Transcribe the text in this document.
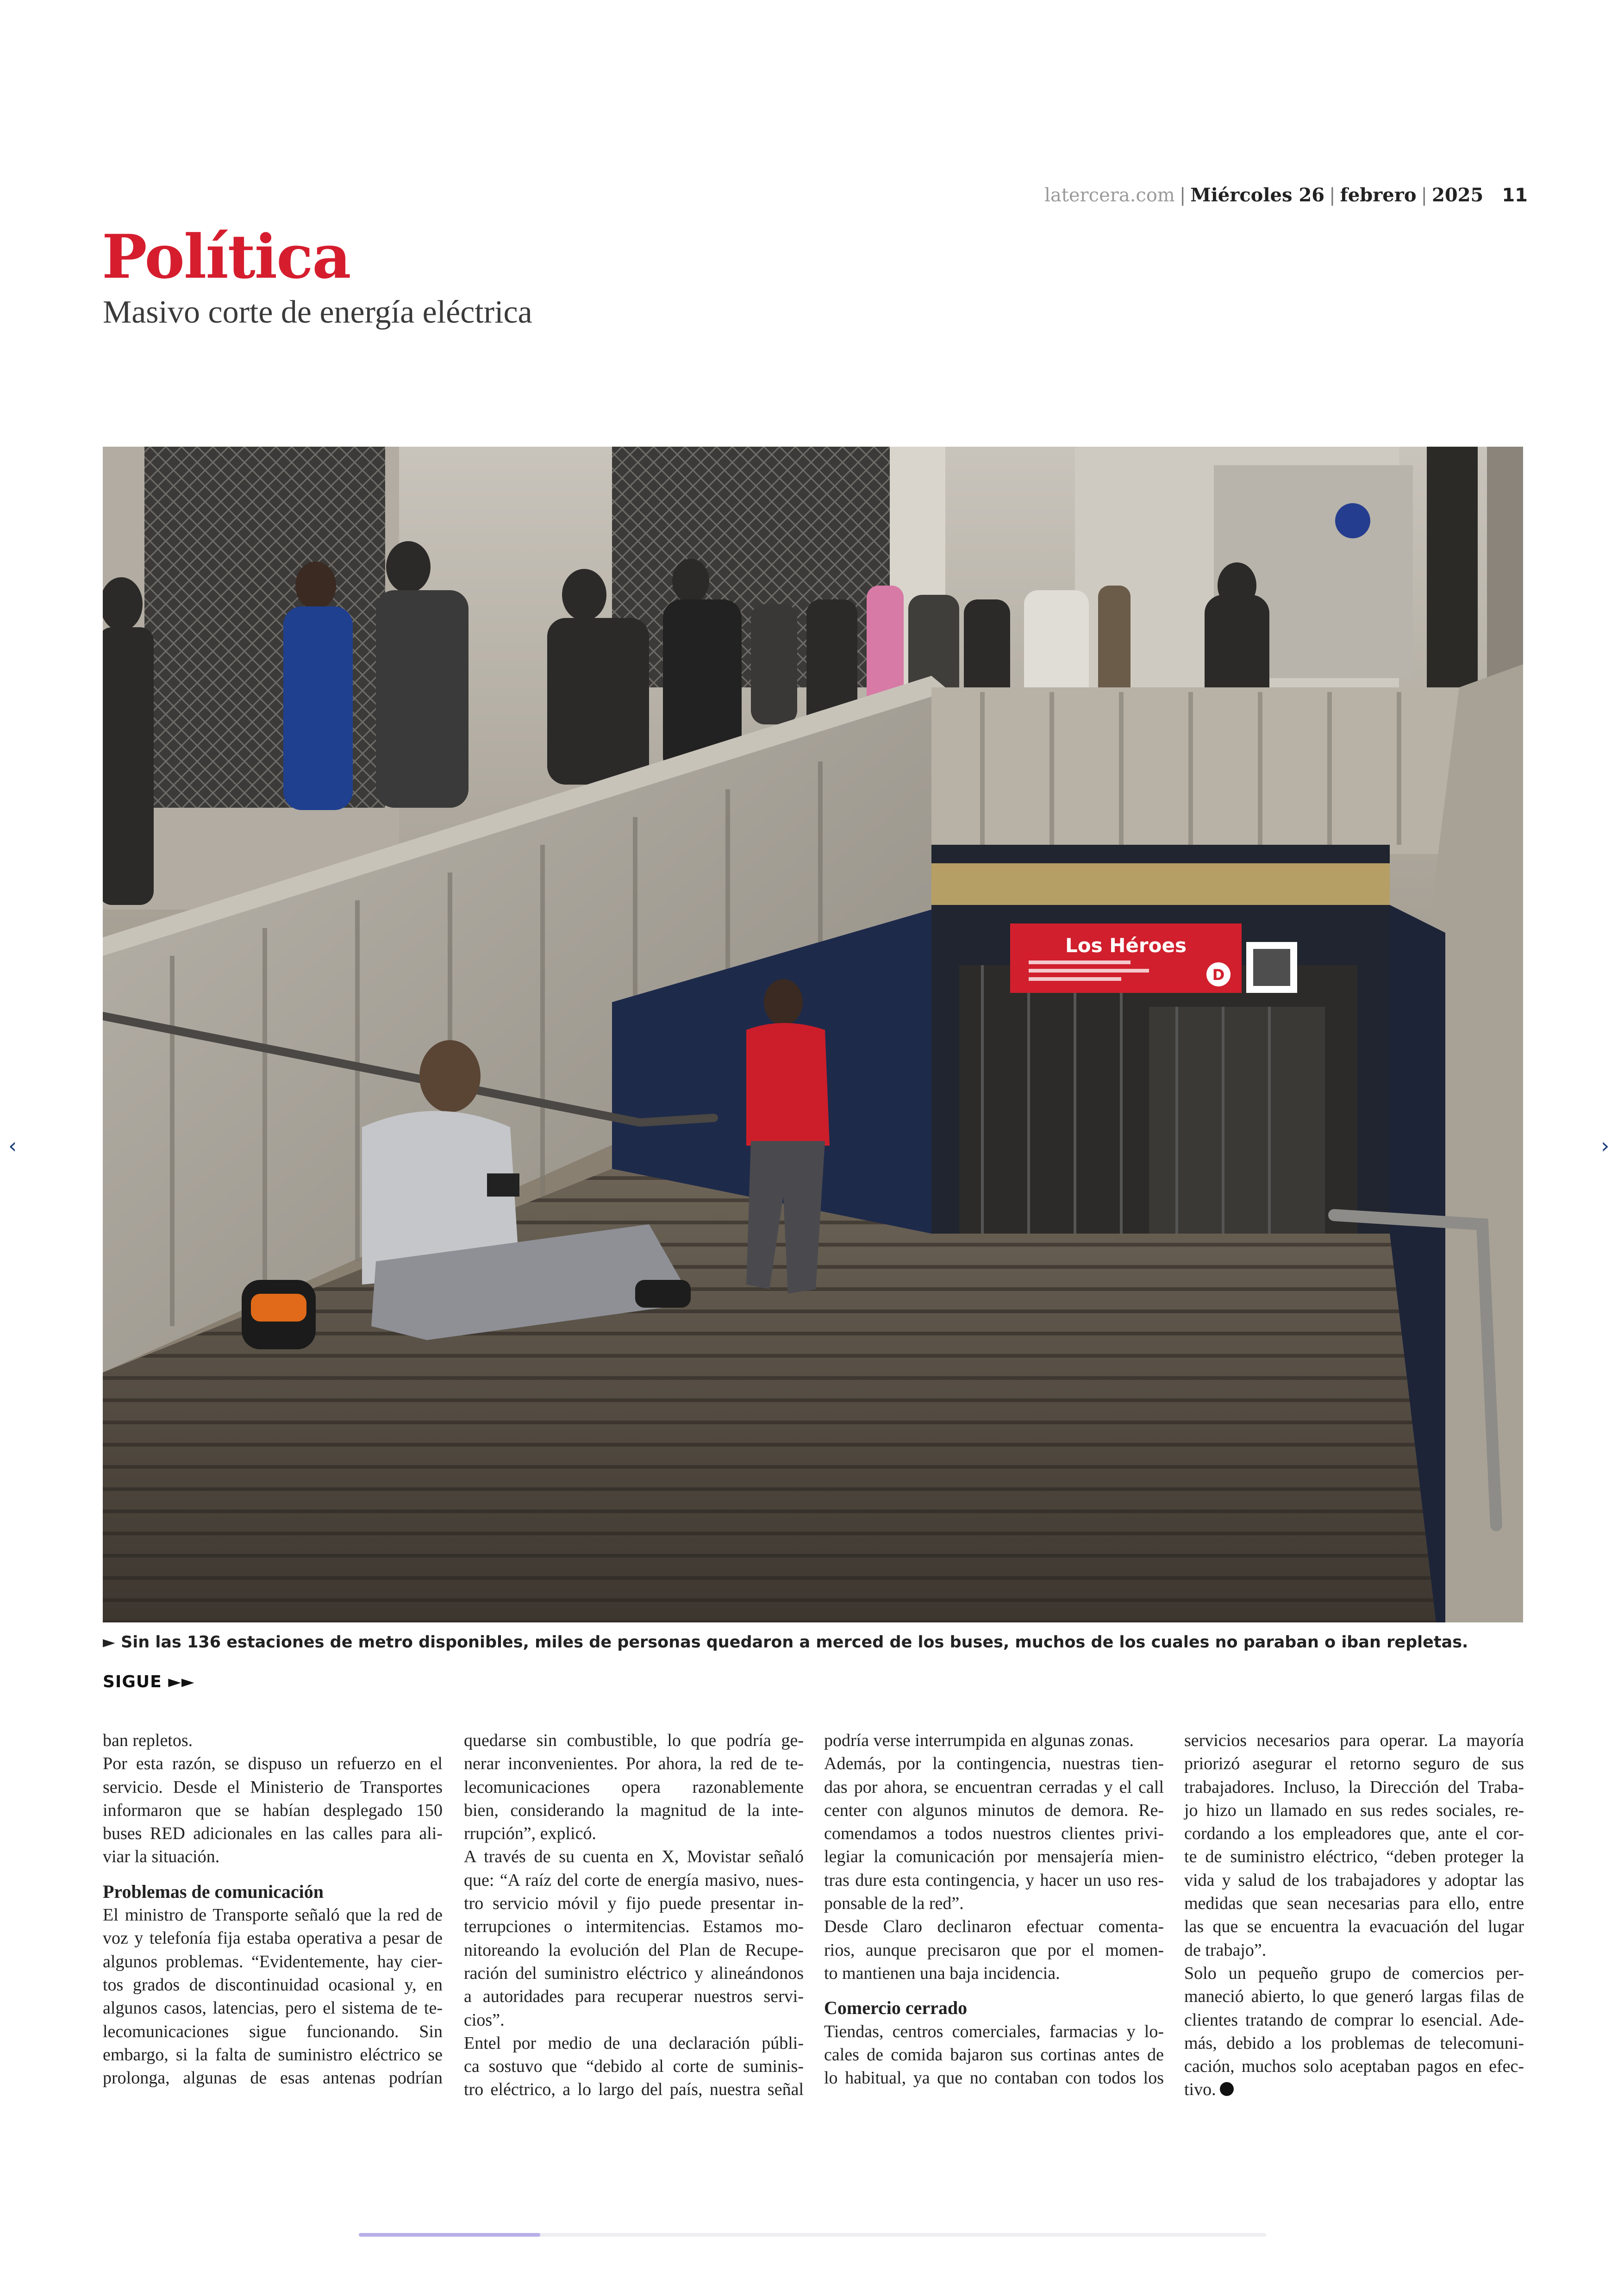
latercera.com | Miércoles 26 | febrero | 2025 11
Política
Masivo corte de energía eléctrica
Los Héroes
D
► Sin las 136 estaciones de metro disponibles, miles de personas quedaron a merced de los buses, muchos de los cuales no paraban o iban repletas.
SIGUE ►►
ban repletos.
Por esta razón, se dispuso un refuerzo en el
servicio. Desde el Ministerio de Transportes
informaron que se habían desplegado 150
buses RED adicionales en las calles para ali-
viar la situación.
Problemas de comunicación
El ministro de Transporte señaló que la red de
voz y telefonía fija estaba operativa a pesar de
algunos problemas. “Evidentemente, hay cier-
tos grados de discontinuidad ocasional y, en
algunos casos, latencias, pero el sistema de te-
lecomunicaciones sigue funcionando. Sin
embargo, si la falta de suministro eléctrico se
prolonga, algunas de esas antenas podrían
quedarse sin combustible, lo que podría ge-
nerar inconvenientes. Por ahora, la red de te-
lecomunicaciones opera razonablemente
bien, considerando la magnitud de la inte-
rrupción”, explicó.
A través de su cuenta en X, Movistar señaló
que: “A raíz del corte de energía masivo, nues-
tro servicio móvil y fijo puede presentar in-
terrupciones o intermitencias. Estamos mo-
nitoreando la evolución del Plan de Recupe-
ración del suministro eléctrico y alineándonos
a autoridades para recuperar nuestros servi-
cios”.
Entel por medio de una declaración públi-
ca sostuvo que “debido al corte de suminis-
tro eléctrico, a lo largo del país, nuestra señal
podría verse interrumpida en algunas zonas.
Además, por la contingencia, nuestras tien-
das por ahora, se encuentran cerradas y el call
center con algunos minutos de demora. Re-
comendamos a todos nuestros clientes privi-
legiar la comunicación por mensajería mien-
tras dure esta contingencia, y hacer un uso res-
ponsable de la red”.
Desde Claro declinaron efectuar comenta-
rios, aunque precisaron que por el momen-
to mantienen una baja incidencia.
Comercio cerrado
Tiendas, centros comerciales, farmacias y lo-
cales de comida bajaron sus cortinas antes de
lo habitual, ya que no contaban con todos los
servicios necesarios para operar. La mayoría
priorizó asegurar el retorno seguro de sus
trabajadores. Incluso, la Dirección del Traba-
jo hizo un llamado en sus redes sociales, re-
cordando a los empleadores que, ante el cor-
te de suministro eléctrico, “deben proteger la
vida y salud de los trabajadores y adoptar las
medidas que sean necesarias para ello, entre
las que se encuentra la evacuación del lugar
de trabajo”.
Solo un pequeño grupo de comercios per-
maneció abierto, lo que generó largas filas de
clientes tratando de comprar lo esencial. Ade-
más, debido a los problemas de telecomuni-
cación, muchos solo aceptaban pagos en efec-
tivo.
‹	›
